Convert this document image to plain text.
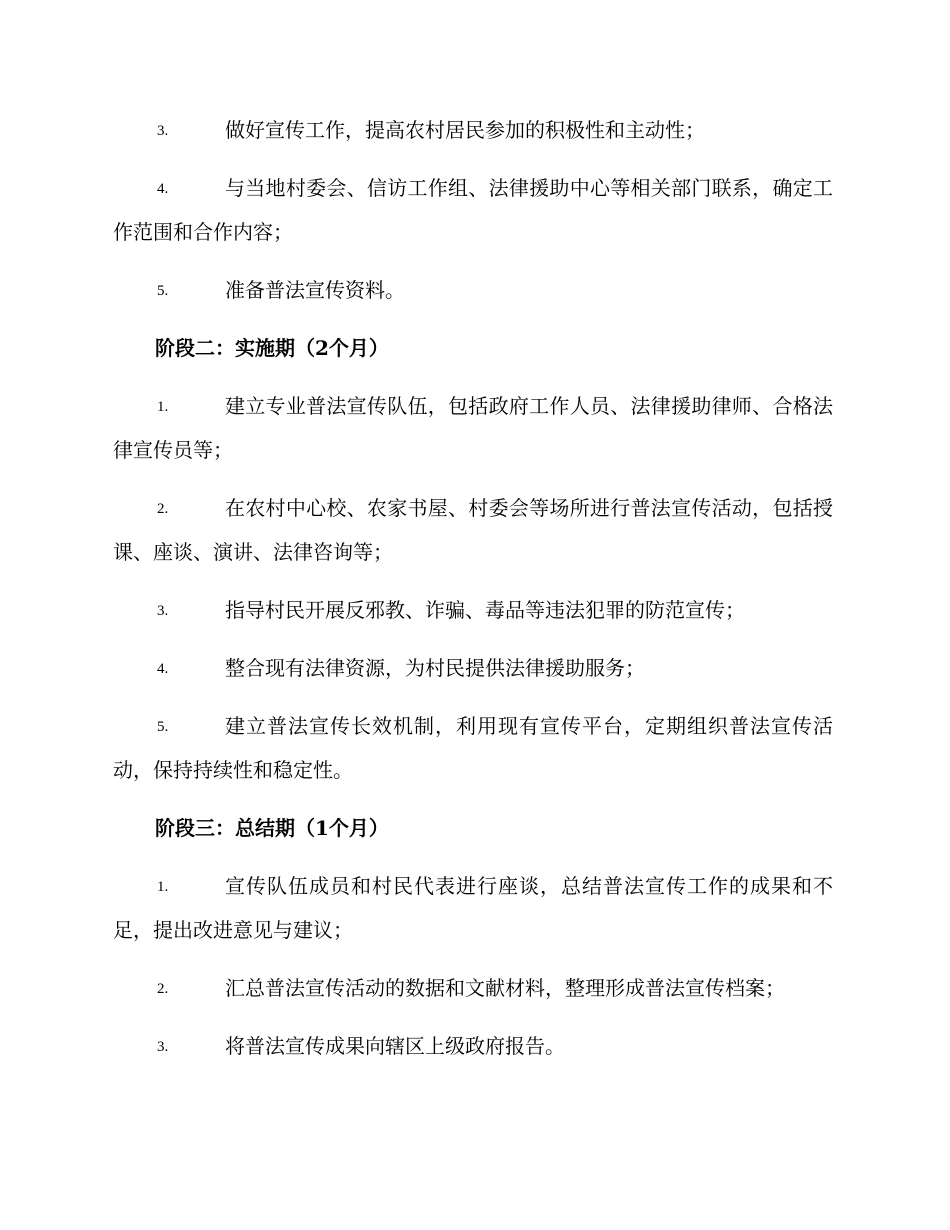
3.	做好宣传工作，提高农村居民参加的积极性和主动性；
4.	与当地村委会、信访工作组、法律援助中心等相关部门联系，确定工作范围和合作内容；
5.	准备普法宣传资料。
阶段二：实施期（2个月）
1.	建立专业普法宣传队伍，包括政府工作人员、法律援助律师、合格法律宣传员等；
2.	在农村中心校、农家书屋、村委会等场所进行普法宣传活动，包括授课、座谈、演讲、法律咨询等；
3.	指导村民开展反邪教、诈骗、毒品等违法犯罪的防范宣传；
4.	整合现有法律资源，为村民提供法律援助服务；
5.	建立普法宣传长效机制，利用现有宣传平台，定期组织普法宣传活动，保持持续性和稳定性。
阶段三：总结期（1个月）
1.	宣传队伍成员和村民代表进行座谈，总结普法宣传工作的成果和不足，提出改进意见与建议；
2.	汇总普法宣传活动的数据和文献材料，整理形成普法宣传档案；
3.	将普法宣传成果向辖区上级政府报告。
